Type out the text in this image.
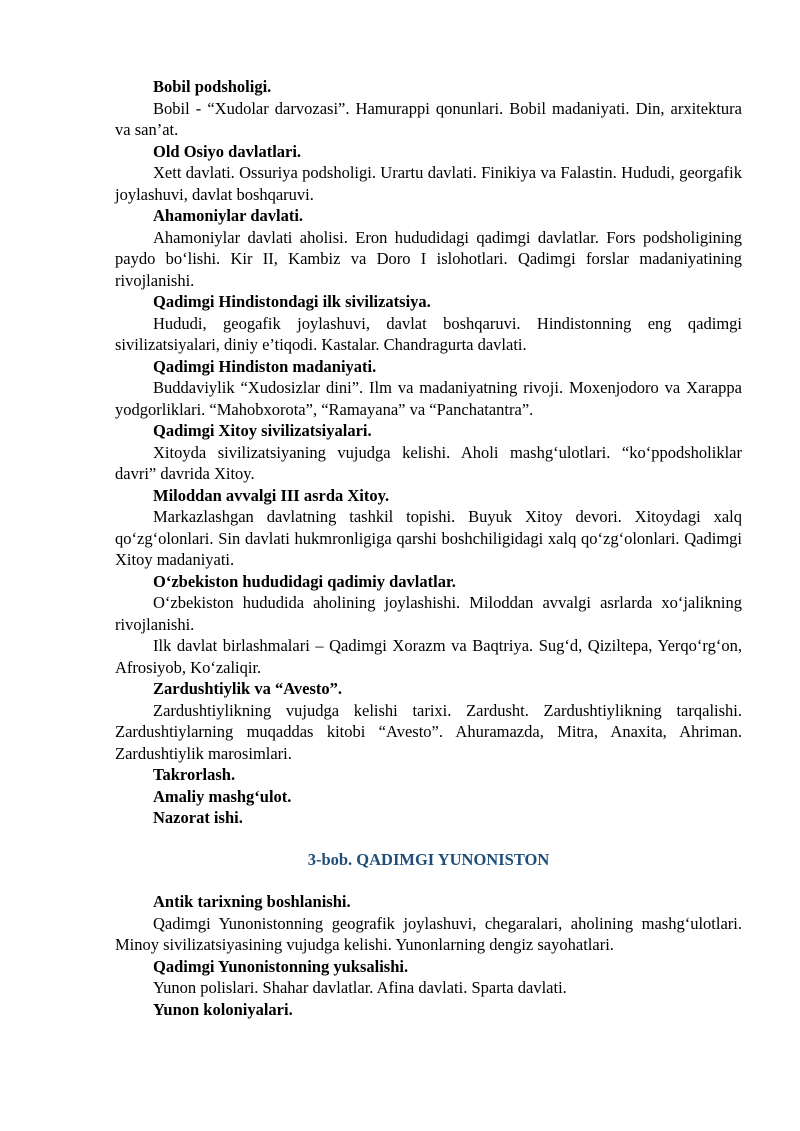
Bobil podsholigi.

Bobil - “Xudolar darvozasi”. Hamurappi qonunlari. Bobil madaniyati. Din, arxitektura va san’at.

Old Osiyo davlatlari.

Xett davlati. Ossuriya podsholigi. Urartu davlati. Finikiya va Falastin. Hududi, georgafik joylashuvi, davlat boshqaruvi.

Ahamoniylar davlati.

Ahamoniylar davlati aholisi. Eron hududidagi qadimgi davlatlar. Fors podsholigining paydo boʻlishi. Kir II, Kambiz va Doro I islohotlari. Qadimgi forslar madaniyatining rivojlanishi.

Qadimgi Hindistondagi ilk sivilizatsiya.

Hududi, geogafik joylashuvi, davlat boshqaruvi. Hindistonning eng qadimgi sivilizatsiyalari, diniy e’tiqodi. Kastalar. Chandragurta davlati.

Qadimgi Hindiston madaniyati.

Buddaviylik “Xudosizlar dini”. Ilm va madaniyatning rivoji. Moxenjodoro va Xarappa yodgorliklari. “Mahobxorota”, “Ramayana” va “Panchatantra”.

Qadimgi Xitoy sivilizatsiyalari.

Xitoyda sivilizatsiyaning vujudga kelishi. Aholi mashgʻulotlari. “koʻppodsholiklar davri” davrida Xitoy.

Miloddan avvalgi III asrda Xitoy.

Markazlashgan davlatning tashkil topishi. Buyuk Xitoy devori. Xitoydagi xalq qoʻzgʻolonlari. Sin davlati hukmronligiga qarshi boshchiligidagi xalq qoʻzgʻolonlari. Qadimgi Xitoy madaniyati.

Oʻzbekiston hududidagi qadimiy davlatlar.

Oʻzbekiston hududida aholining joylashishi. Miloddan avvalgi asrlarda xoʻjalikning rivojlanishi.

Ilk davlat birlashmalari – Qadimgi Xorazm va Baqtriya. Sugʻd, Qiziltepa, Yerqoʻrgʻon, Afrosiyob, Koʻzaliqir.

Zardushtiylik va “Avesto”.

Zardushtiylikning vujudga kelishi tarixi. Zardusht. Zardushtiylikning tarqalishi. Zardushtiylarning muqaddas kitobi “Avesto”. Ahuramazda, Mitra, Anaxita, Ahriman. Zardushtiylik marosimlari.

Takrorlash.

Amaliy mashgʻulot.

Nazorat ishi.

3-bob. QADIMGI YUNONISTON

Antik tarixning boshlanishi.

Qadimgi Yunonistonning geografik joylashuvi, chegaralari, aholining mashgʻulotlari. Minoy sivilizatsiyasining vujudga kelishi. Yunonlarning dengiz sayohatlari.

Qadimgi Yunonistonning yuksalishi.

Yunon polislari. Shahar davlatlar. Afina davlati. Sparta davlati.

Yunon koloniyalari.
